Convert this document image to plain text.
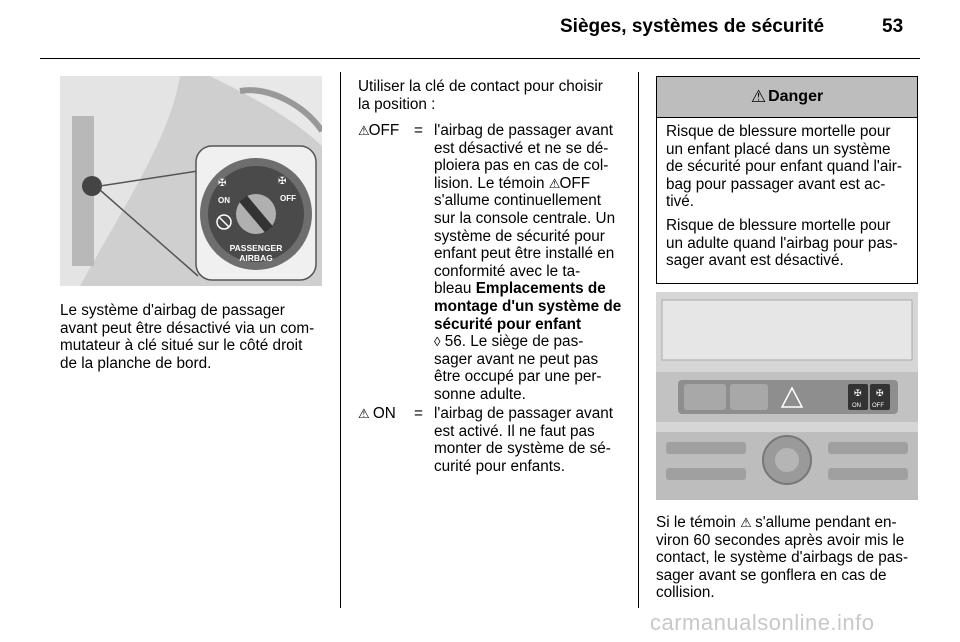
Sièges, systèmes de sécurité	53
✠	✠
ON	OFF
PASSENGER
AIRBAG

Le système d'airbag de passager

avant peut être désactivé via un com-

mutateur à clé situé sur le côté droit

de la planche de bord.

Utiliser la clé de contact pour choisir

la position :

⚠OFF = l'airbag de passager avant
est désactivé et ne se dé-
ploiera pas en cas de col-
lision. Le témoin ⚠OFF
s'allume continuellement
sur la console centrale. Un
système de sécurité pour
enfant peut être installé en
conformité avec le ta-
bleau Emplacements de
montage d'un système de
sécurité pour enfant
◊ 56. Le siège de pas-
sager avant ne peut pas
être occupé par une per-
sonne adulte.
⚠ ON	= l'airbag de passager avant
est activé. Il ne faut pas
monter de système de sé-
curité pour enfants.
⚠ Danger

Risque de blessure mortelle pour
un enfant placé dans un système
de sécurité pour enfant quand l'air-
bag pour passager avant est ac-
tivé.

Risque de blessure mortelle pour
un adulte quand l'airbag pour pas-
sager avant est désactivé.

✠ ✠
ON OFF

Si le témoin ⚠ s'allume pendant en-

viron 60 secondes après avoir mis le

contact, le système d'airbags de pas-

sager avant se gonflera en cas de

collision.

carmanualsonline.info
